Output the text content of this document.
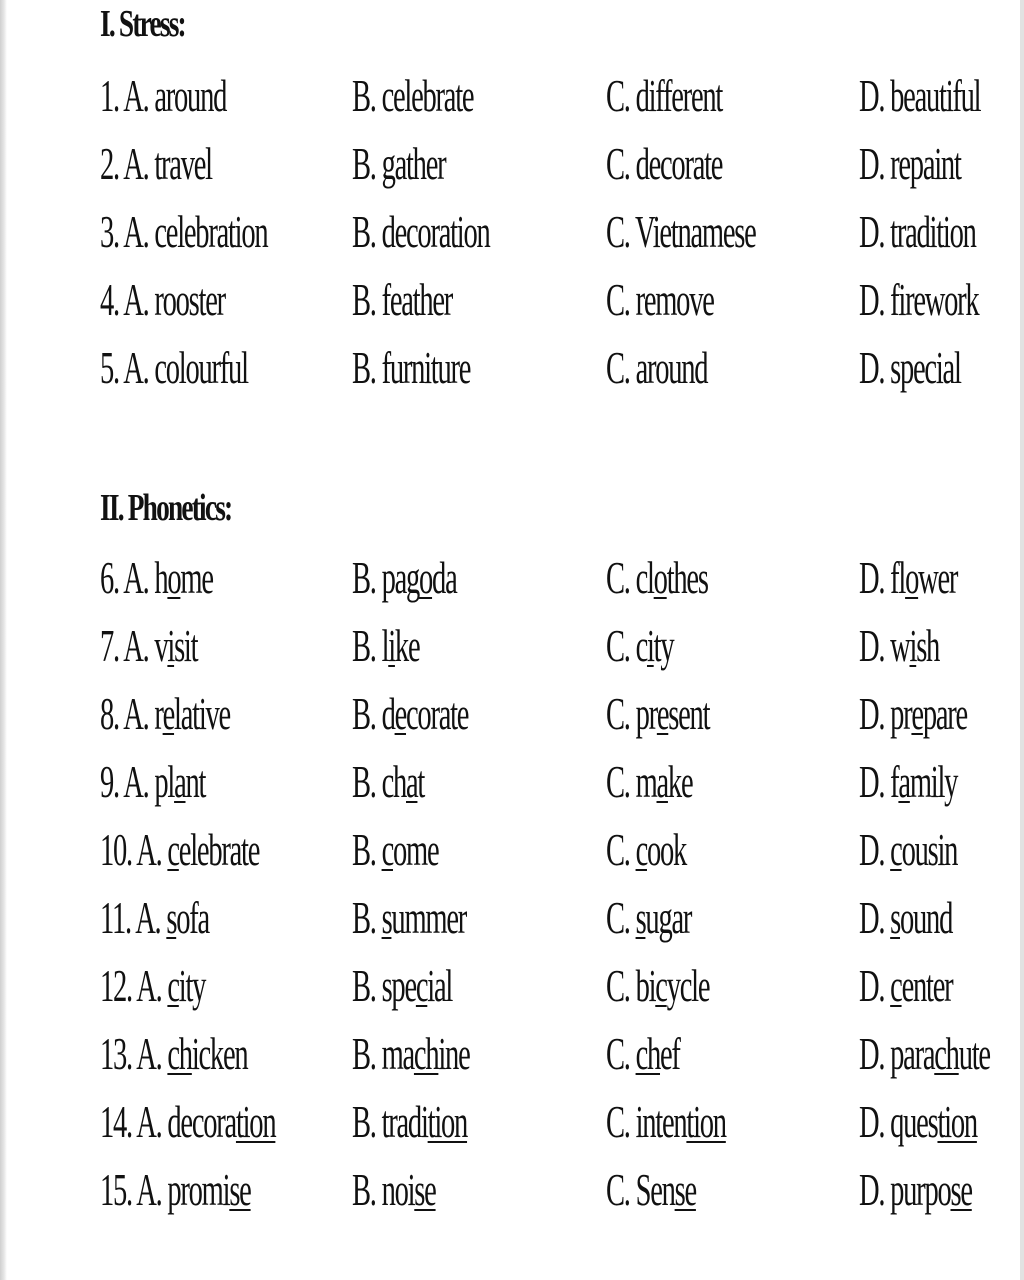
I. Stress:
1. A. around	B. celebrate	C. different	D. beautiful
2. A. travel	B. gather	C. decorate	D. repaint
3. A. celebration B. decoration	C. Vietnamese D. tradition
4. A. rooster	B. feather	C. remove	D. firework
5. A. colourful B. furniture	C. around	D. special
II. Phonetics:
6. A. home	B. pagoda	C. clothes	D. flower
7. A. visit	B. like	C. city	D. wish
8. A. relative	B. decorate	C. present	D. prepare
9. A. plant	B. chat	C. make	D. family
10. A. celebrate B. come	C. cook	D. cousin
11. A. sofa	B. summer	C. sugar	D. sound
12. A. city	B. special	C. bicycle	D. center
13. A. chicken B. machine	C. chef	D. parachute
14. A. decoration B. tradition	C. intention	D. question
15. A. promise B. noise	C. Sense	D. purpose
